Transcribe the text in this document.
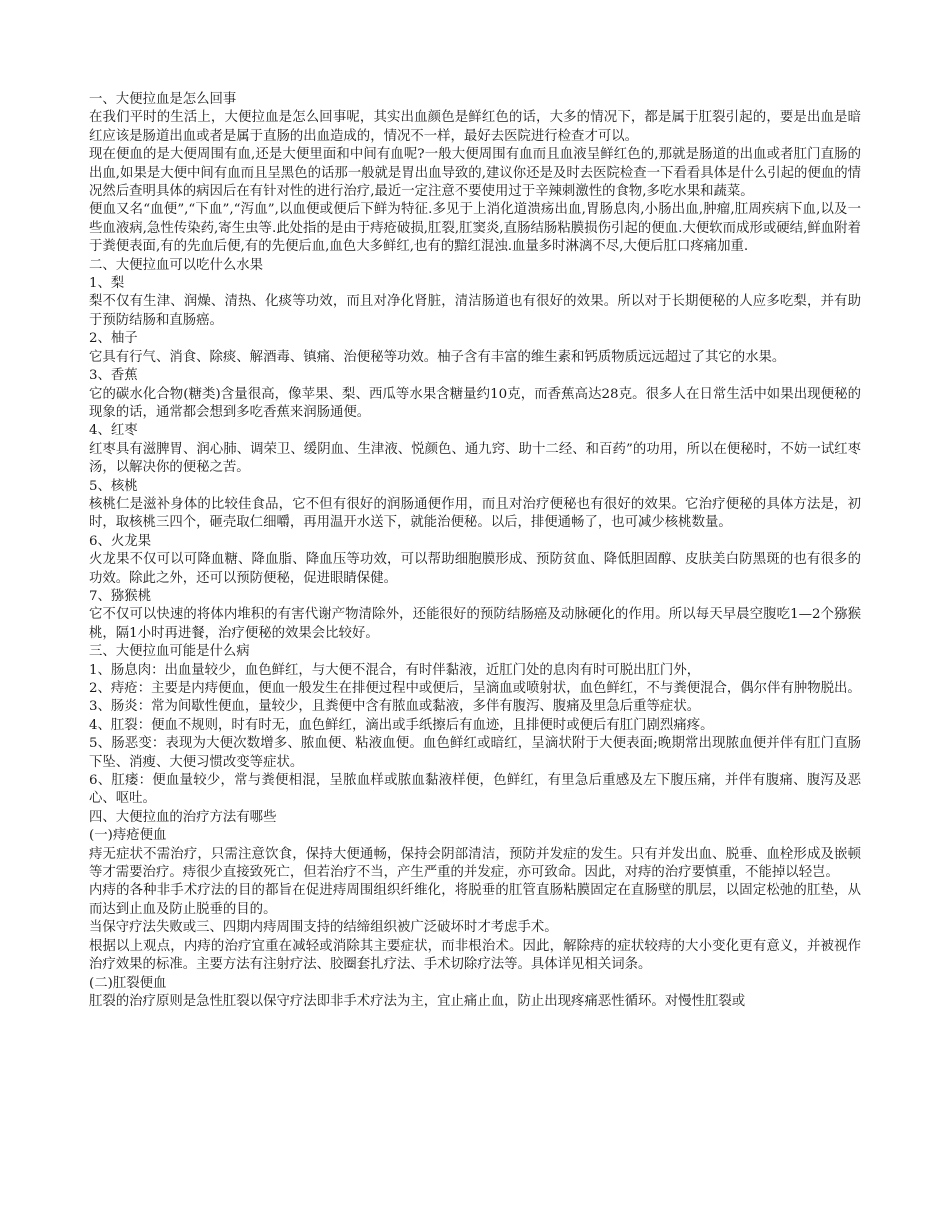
一、大便拉血是怎么回事

在我们平时的生活上，大便拉血是怎么回事呢，其实出血颜色是鲜红色的话，大多的情况下，都是属于肛裂引起的，要是出血是暗红应该是肠道出血或者是属于直肠的出血造成的，情况不一样，最好去医院进行检查才可以。

现在便血的是大便周围有血,还是大便里面和中间有血呢?一般大便周围有血而且血液呈鲜红色的,那就是肠道的出血或者肛门直肠的出血,如果是大便中间有血而且呈黑色的话那一般就是胃出血导致的,建议你还是及时去医院检查一下看看具体是什么引起的便血的情况然后查明具体的病因后在有针对性的进行治疗,最近一定注意不要使用过于辛辣刺激性的食物,多吃水果和蔬菜。

便血又名“血便”,“下血”,“泻血”,以血便或便后下鲜为特征.多见于上消化道溃疡出血,胃肠息肉,小肠出血,肿瘤,肛周疾病下血,以及一些血液病,急性传染药,寄生虫等.此处指的是由于痔疮破损,肛裂,肛窦炎,直肠结肠粘膜损伤引起的便血.大便软而成形或硬结,鲜血附着于粪便表面,有的先血后便,有的先便后血,血色大多鲜红,也有的黯红混浊.血量多时淋漓不尽,大便后肛口疼痛加重.

二、大便拉血可以吃什么水果

1、梨

梨不仅有生津、润燥、清热、化痰等功效，而且对净化肾脏，清洁肠道也有很好的效果。所以对于长期便秘的人应多吃梨，并有助于预防结肠和直肠癌。

2、柚子

它具有行气、消食、除痰、解酒毒、镇痛、治便秘等功效。柚子含有丰富的维生素和钙质物质远远超过了其它的水果。

3、香蕉

它的碳水化合物(糖类)含量很高，像苹果、梨、西瓜等水果含糖量约10克，而香蕉高达28克。很多人在日常生活中如果出现便秘的现象的话，通常都会想到多吃香蕉来润肠通便。

4、红枣

红枣具有滋脾胃、润心肺、调荣卫、缓阴血、生津液、悦颜色、通九窍、助十二经、和百药”的功用，所以在便秘时，不妨一试红枣汤，以解决你的便秘之苦。

5、核桃

核桃仁是滋补身体的比较佳食品，它不但有很好的润肠通便作用，而且对治疗便秘也有很好的效果。它治疗便秘的具体方法是，初时，取核桃三四个，砸壳取仁细嚼，再用温开水送下，就能治便秘。以后，排便通畅了，也可减少核桃数量。

6、火龙果

火龙果不仅可以可降血糖、降血脂、降血压等功效，可以帮助细胞膜形成、预防贫血、降低胆固醇、皮肤美白防黑斑的也有很多的功效。除此之外，还可以预防便秘，促进眼睛保健。

7、猕猴桃

它不仅可以快速的将体内堆积的有害代谢产物清除外，还能很好的预防结肠癌及动脉硬化的作用。所以每天早晨空腹吃1—2个猕猴桃，隔1小时再进餐，治疗便秘的效果会比较好。

三、大便拉血可能是什么病

1、肠息肉：出血量较少，血色鲜红，与大便不混合，有时伴黏液，近肛门处的息肉有时可脱出肛门外，

2、痔疮：主要是内痔便血，便血一般发生在排便过程中或便后，呈滴血或喷射状，血色鲜红，不与粪便混合，偶尔伴有肿物脱出。

3、肠炎：常为间歇性便血，量较少，且粪便中含有脓血或黏液，多伴有腹泻、腹痛及里急后重等症状。

4、肛裂：便血不规则，时有时无，血色鲜红，滴出或手纸擦后有血迹，且排便时或便后有肛门剧烈痛疼。

5、肠恶变：表现为大便次数增多、脓血便、粘液血便。血色鲜红或暗红，呈滴状附于大便表面;晚期常出现脓血便并伴有肛门直肠下坠、消瘦、大便习惯改变等症状。

6、肛瘘：便血量较少，常与粪便相混，呈脓血样或脓血黏液样便，色鲜红，有里急后重感及左下腹压痛，并伴有腹痛、腹泻及恶心、呕吐。

四、大便拉血的治疗方法有哪些

(一)痔疮便血

痔无症状不需治疗，只需注意饮食，保持大便通畅，保持会阴部清洁，预防并发症的发生。只有并发出血、脱垂、血栓形成及嵌顿等才需要治疗。痔很少直接致死亡，但若治疗不当，产生严重的并发症，亦可致命。因此，对痔的治疗要慎重，不能掉以轻岂。

内痔的各种非手术疗法的目的都旨在促进痔周围组织纤维化，将脱垂的肛管直肠粘膜固定在直肠壁的肌层，以固定松弛的肛垫，从而达到止血及防止脱垂的目的。

当保守疗法失败或三、四期内痔周围支持的结缔组织被广泛破坏时才考虑手术。

根据以上观点，内痔的治疗宜重在减轻或消除其主要症状，而非根治术。因此，解除痔的症状较痔的大小变化更有意义，并被视作治疗效果的标准。主要方法有注射疗法、胶圈套扎疗法、手术切除疗法等。具体详见相关词条。

(二)肛裂便血

肛裂的治疗原则是急性肛裂以保守疗法即非手术疗法为主，宜止痛止血，防止出现疼痛恶性循环。对慢性肛裂或
